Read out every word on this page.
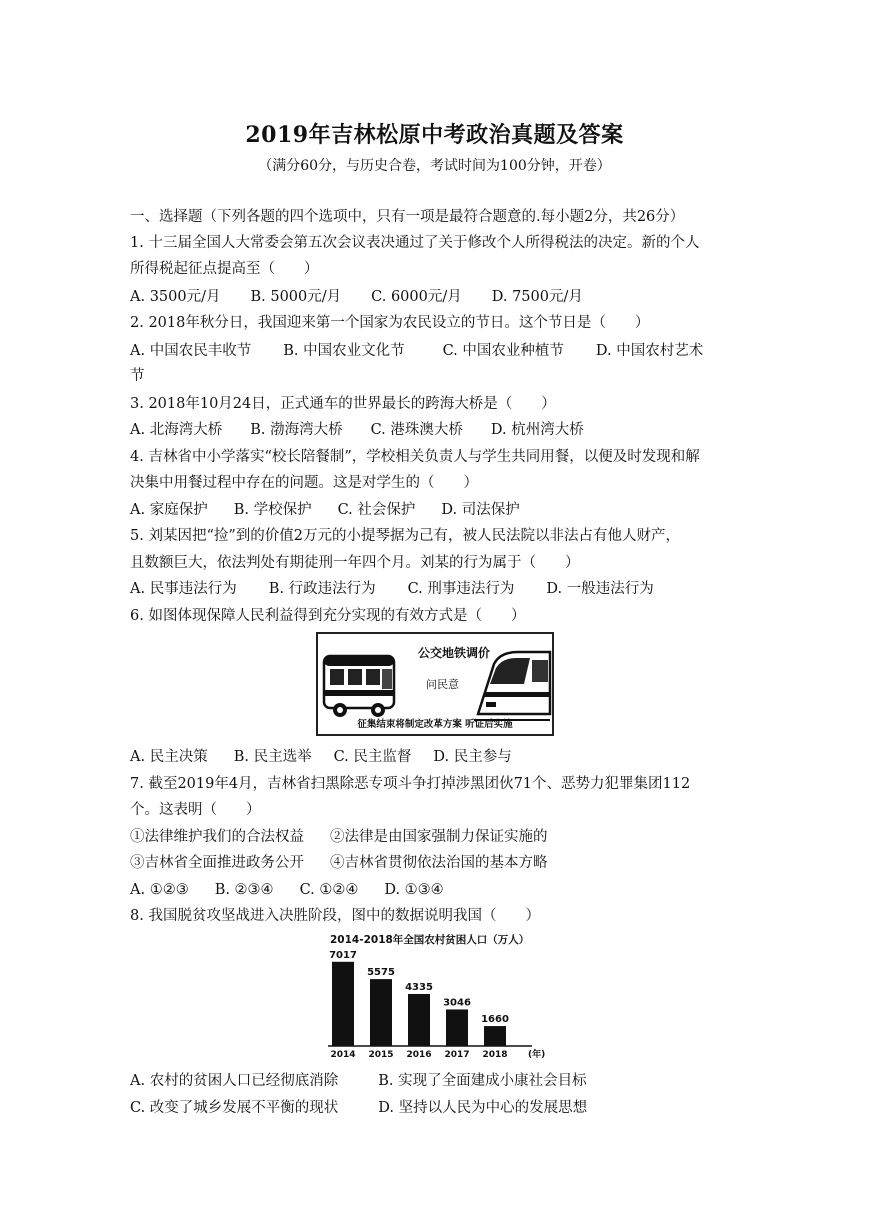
2019年吉林松原中考政治真题及答案
（满分60分，与历史合卷，考试时间为100分钟，开卷）
一、选择题（下列各题的四个选项中，只有一项是最符合题意的.每小题2分，共26分）
1. 十三届全国人大常委会第五次会议表决通过了关于修改个人所得税法的决定。新的个人
所得税起征点提高至（　　）
A. 3500元/月 B. 5000元/月 C. 6000元/月 D. 7500元/月
2. 2018年秋分日，我国迎来第一个国家为农民设立的节日。这个节日是（　　）
A. 中国农民丰收节 B. 中国农业文化节	C. 中国农业种植节 D. 中国农村艺术
节
3. 2018年10月24日，正式通车的世界最长的跨海大桥是（　　）
A. 北海湾大桥 B. 渤海湾大桥 C. 港珠澳大桥 D. 杭州湾大桥
4. 吉林省中小学落实“校长陪餐制”，学校相关负责人与学生共同用餐，以便及时发现和解
决集中用餐过程中存在的问题。这是对学生的（　　）
A. 家庭保护 B. 学校保护 C. 社会保护 D. 司法保护
5. 刘某因把“捡”到的价值2万元的小提琴据为己有，被人民法院以非法占有他人财产，
且数额巨大，依法判处有期徒刑一年四个月。刘某的行为属于（　　）
A. 民事违法行为 B. 行政违法行为 C. 刑事违法行为 D. 一般违法行为
6. 如图体现保障人民利益得到充分实现的有效方式是（　　）
公交地铁调价
问民意
征集结束将制定改革方案 听证后实施
A. 民主决策 B. 民主选举 C. 民主监督 D. 民主参与
7. 截至2019年4月，吉林省扫黑除恶专项斗争打掉涉黑团伙71个、恶势力犯罪集团112
个。这表明（　　）
①法律维护我们的合法权益 ②法律是由国家强制力保证实施的
③吉林省全面推进政务公开 ④吉林省贯彻依法治国的基本方略
A. ①②③ B. ②③④ C. ①②④ D. ①③④
8. 我国脱贫攻坚战进入决胜阶段，图中的数据说明我国（　　）
2014-2018年全国农村贫困人口（万人）
7017
2014
5575
2015
4335
2016
3046
2017
1660
2018 (年)
A. 农村的贫困人口已经彻底消除	B. 实现了全面建成小康社会目标
C. 改变了城乡发展不平衡的现状	D. 坚持以人民为中心的发展思想
